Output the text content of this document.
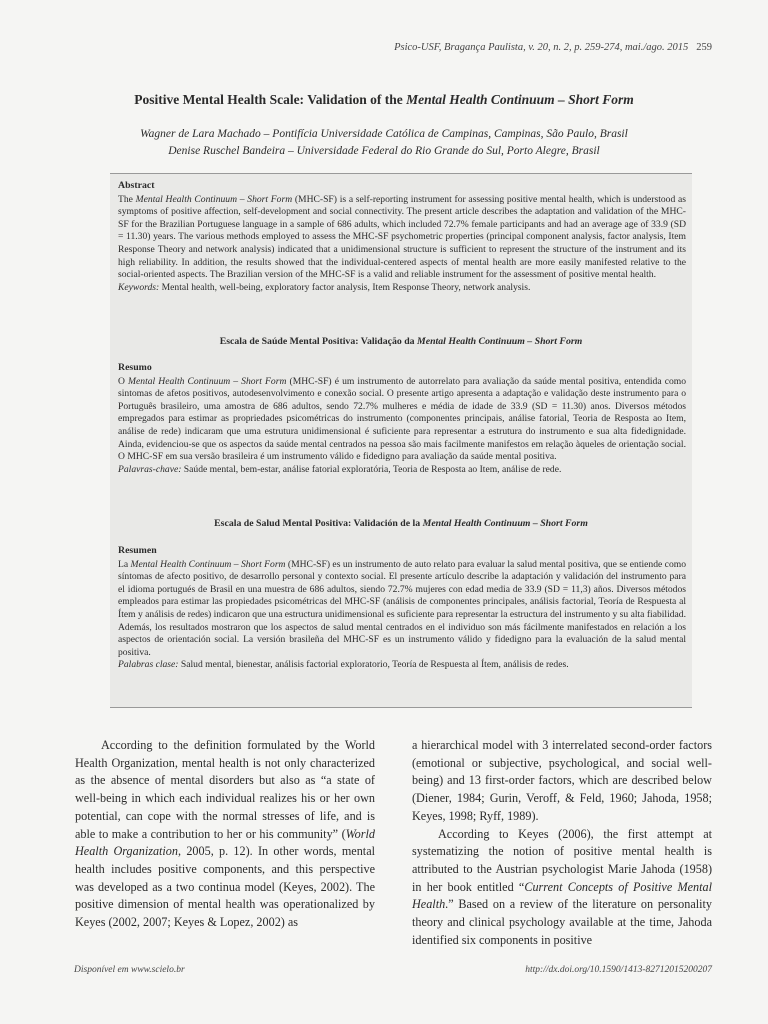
Psico-USF, Bragança Paulista, v. 20, n. 2, p. 259-274, mai./ago. 2015 259
Positive Mental Health Scale: Validation of the Mental Health Continuum – Short Form
Wagner de Lara Machado – Pontifícia Universidade Católica de Campinas, Campinas, São Paulo, Brasil
Denise Ruschel Bandeira – Universidade Federal do Rio Grande do Sul, Porto Alegre, Brasil
Abstract
The Mental Health Continuum – Short Form (MHC-SF) is a self-reporting instrument for assessing positive mental health, which is understood as symptoms of positive affection, self-development and social connectivity. The present article describes the adaptation and validation of the MHC-SF for the Brazilian Portuguese language in a sample of 686 adults, which included 72.7% female participants and had an average age of 33.9 (SD = 11.30) years. The various methods employed to assess the MHC-SF psychometric properties (principal component analysis, factor analysis, Item Response Theory and network analysis) indicated that a unidimensional structure is sufficient to represent the structure of the instrument and its high reliability. In addition, the results showed that the individual-centered aspects of mental health are more easily manifested relative to the social-oriented aspects. The Brazilian version of the MHC-SF is a valid and reliable instrument for the assessment of positive mental health.
Keywords: Mental health, well-being, exploratory factor analysis, Item Response Theory, network analysis.
Escala de Saúde Mental Positiva: Validação da Mental Health Continuum – Short Form
Resumo
O Mental Health Continuum – Short Form (MHC-SF) é um instrumento de autorrelato para avaliação da saúde mental positiva, entendida como sintomas de afetos positivos, autodesenvolvimento e conexão social. O presente artigo apresenta a adaptação e validação deste instrumento para o Português brasileiro, uma amostra de 686 adultos, sendo 72.7% mulheres e média de idade de 33.9 (SD = 11.30) anos. Diversos métodos empregados para estimar as propriedades psicométricas do instrumento (componentes principais, análise fatorial, Teoria de Resposta ao Item, análise de rede) indicaram que uma estrutura unidimensional é suficiente para representar a estrutura do instrumento e sua alta fidedignidade. Ainda, evidenciou-se que os aspectos da saúde mental centrados na pessoa são mais facilmente manifestos em relação àqueles de orientação social. O MHC-SF em sua versão brasileira é um instrumento válido e fidedigno para avaliação da saúde mental positiva.
Palavras-chave: Saúde mental, bem-estar, análise fatorial exploratória, Teoria de Resposta ao Item, análise de rede.
Escala de Salud Mental Positiva: Validación de la Mental Health Continuum – Short Form
Resumen
La Mental Health Continuum – Short Form (MHC-SF) es un instrumento de auto relato para evaluar la salud mental positiva, que se entiende como síntomas de afecto positivo, de desarrollo personal y contexto social. El presente artículo describe la adaptación y validación del instrumento para el idioma portugués de Brasil en una muestra de 686 adultos, siendo 72.7% mujeres con edad media de 33.9 (SD = 11,3) años. Diversos métodos empleados para estimar las propiedades psicométricas del MHC-SF (análisis de componentes principales, análisis factorial, Teoría de Respuesta al Ítem y análisis de redes) indicaron que una estructura unidimensional es suficiente para representar la estructura del instrumento y su alta fiabilidad. Además, los resultados mostraron que los aspectos de salud mental centrados en el individuo son más fácilmente manifestados en relación a los aspectos de orientación social. La versión brasileña del MHC-SF es un instrumento válido y fidedigno para la evaluación de la salud mental positiva.
Palabras clase: Salud mental, bienestar, análisis factorial exploratorio, Teoría de Respuesta al Ítem, análisis de redes.

According to the definition formulated by the World Health Organization, mental health is not only characterized as the absence of mental disorders but also as “a state of well-being in which each individual realizes his or her own potential, can cope with the normal stresses of life, and is able to make a contribution to her or his community” (World Health Organization, 2005, p. 12). In other words, mental health includes positive components, and this perspective was developed as a two continua model (Keyes, 2002). The positive dimension of mental health was operationalized by Keyes (2002, 2007; Keyes & Lopez, 2002) as

a hierarchical model with 3 interrelated second-order factors (emotional or subjective, psychological, and social well-being) and 13 first-order factors, which are described below (Diener, 1984; Gurin, Veroff, & Feld, 1960; Jahoda, 1958; Keyes, 1998; Ryff, 1989).

According to Keyes (2006), the first attempt at systematizing the notion of positive mental health is attributed to the Austrian psychologist Marie Jahoda (1958) in her book entitled “Current Concepts of Positive Mental Health.” Based on a review of the literature on personality theory and clinical psychology available at the time, Jahoda identified six components in positive

Disponível em www.scielo.br	http://dx.doi.org/10.1590/1413-82712015200207
